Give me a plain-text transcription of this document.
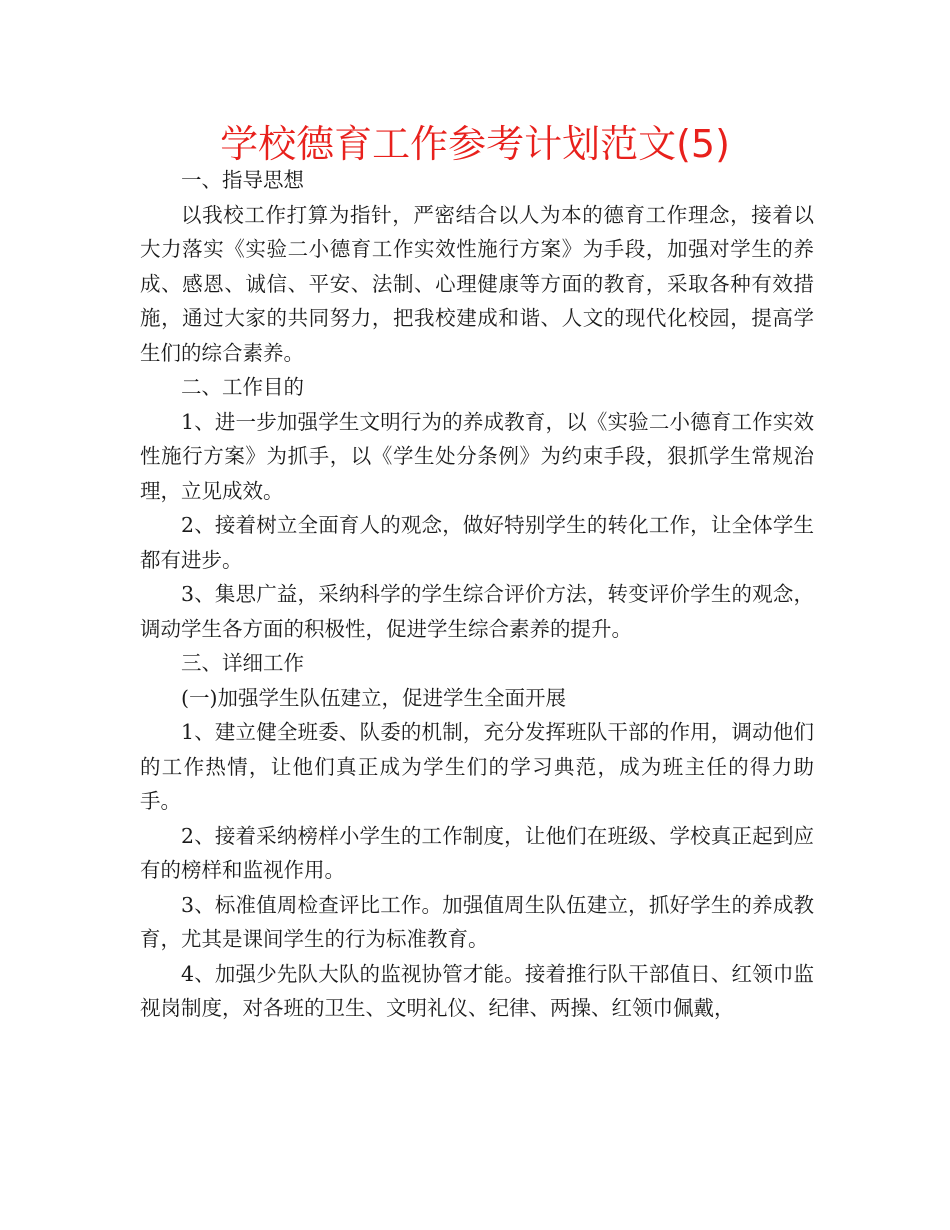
学校德育工作参考计划范文(5)

一、指导思想

以我校工作打算为指针，严密结合以人为本的德育工作理念，接着以大力落实《实验二小德育工作实效性施行方案》为手段，加强对学生的养成、感恩、诚信、平安、法制、心理健康等方面的教育，采取各种有效措施，通过大家的共同努力，把我校建成和谐、人文的现代化校园，提高学生们的综合素养。

二、工作目的

1、进一步加强学生文明行为的养成教育，以《实验二小德育工作实效性施行方案》为抓手，以《学生处分条例》为约束手段，狠抓学生常规治理，立见成效。

2、接着树立全面育人的观念，做好特别学生的转化工作，让全体学生都有进步。

3、集思广益，采纳科学的学生综合评价方法，转变评价学生的观念，调动学生各方面的积极性，促进学生综合素养的提升。

三、详细工作

(一)加强学生队伍建立，促进学生全面开展

1、建立健全班委、队委的机制，充分发挥班队干部的作用，调动他们的工作热情，让他们真正成为学生们的学习典范，成为班主任的得力助手。

2、接着采纳榜样小学生的工作制度，让他们在班级、学校真正起到应有的榜样和监视作用。

3、标准值周检查评比工作。加强值周生队伍建立，抓好学生的养成教育，尤其是课间学生的行为标准教育。

4、加强少先队大队的监视协管才能。接着推行队干部值日、红领巾监视岗制度，对各班的卫生、文明礼仪、纪律、两操、红领巾佩戴，
